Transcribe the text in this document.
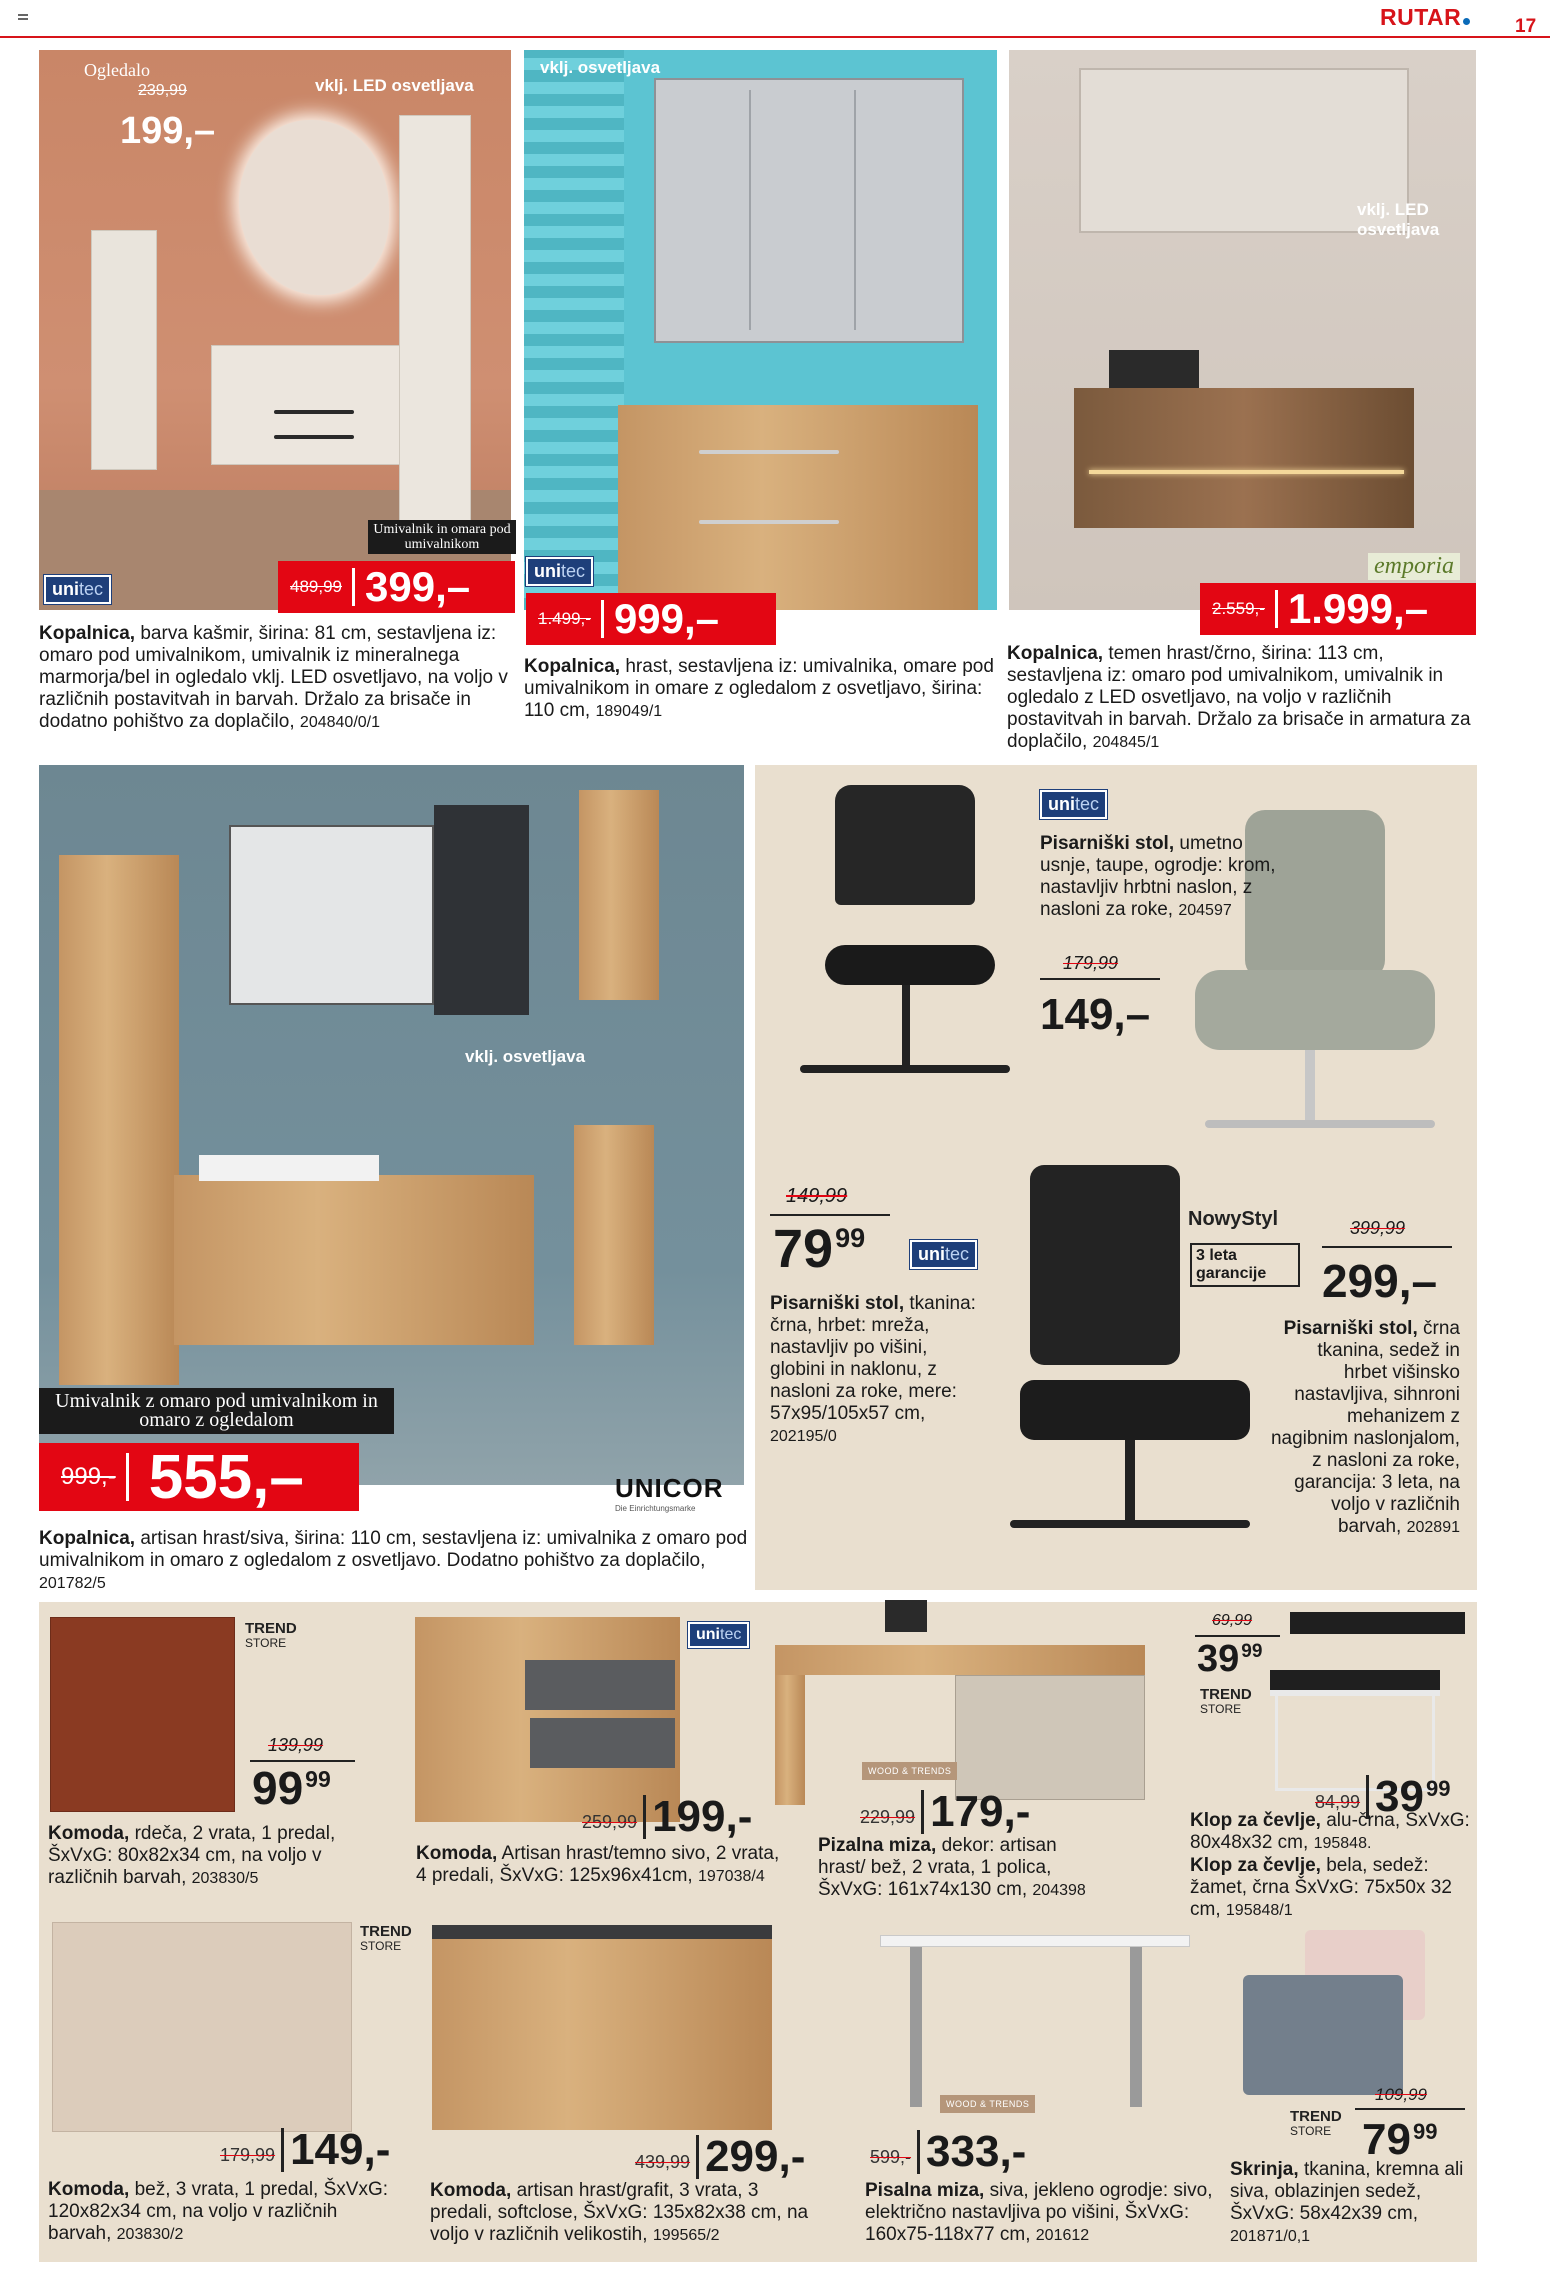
RUTAR	17
Ogledalo
239,99
199,–
vklj. LED osvetljava
Umivalnik in omara pod umivalnikom
unitec	489,99 399,–
Kopalnica, barva kašmir, širina: 81 cm, sestavljena iz: omaro pod umivalnikom, umivalnik iz mineralnega marmorja/bel in ogledalo vklj. LED osvetljavo, na voljo v različnih postavitvah in barvah. Držalo za brisače in dodatno pohištvo za doplačilo, 204840/0/1
vklj. osvetljava
unitec
1.499,- 999,–
Kopalnica, hrast, sestavljena iz: umivalnika, omare pod umivalnikom in omare z ogledalom z osvetljavo, širina: 110 cm, 189049/1
vklj. LED osvetljava
emporia
2.559,- 1.999,–
Kopalnica, temen hrast/črno, širina: 113 cm, sestavljena iz: omaro pod umivalnikom, umivalnik in ogledalo z LED osvetljavo, na voljo v različnih postavitvah in barvah. Držalo za brisače in armatura za doplačilo, 204845/1
vklj. osvetljava
Umivalnik z omaro pod umivalnikom in omaro z ogledalom
999,- 555,–	UNICOR
Die Einrichtungsmarke
Kopalnica, artisan hrast/siva, širina: 110 cm, sestavljena iz: umivalnika z omaro pod umivalnikom in omaro z ogledalom z osvetljavo. Dodatno pohištvo za doplačilo, 201782/5
unitec
Pisarniški stol, umetno usnje, taupe, ogrodje: krom, nastavljiv hrbtni naslon, z nasloni za roke, 204597
179,99
149,–
149,99
$79^{99}$
unitec
Pisarniški stol, tkanina: črna, hrbet: mreža, nastavljiv po višini, globini in naklonu, z nasloni za roke, mere: 57x95/105x57 cm, 202195/0
NowyStyl
3 leta garancije
399,99
299,–
Pisarniški stol, črna tkanina, sedež in hrbet višinsko nastavljiva, sihnroni mehanizem z nagibnim naslonjalom, z nasloni za roke, garancija: 3 leta, na voljo v različnih barvah, 202891
TREND
STORE
139,99
$99^{99}$
Komoda, rdeča, 2 vrata, 1 predal, ŠxVxG: 80x82x34 cm, na voljo v različnih barvah, 203830/5
unitec
259,99 199,-
Komoda, Artisan hrast/temno sivo, 2 vrata, 4 predali, ŠxVxG: 125x96x41cm, 197038/4
WOOD & TRENDS
229,99 179,-
Pizalna miza, dekor: artisan hrast/ bež, 2 vrata, 1 polica, ŠxVxG: 161x74x130 cm, 204398
69,99
39 $^{99}$
TREND
STORE
84,99 $39^{99}$
Klop za čevlje, alu-črna, ŠxVxG: 80x48x32 cm, 195848.
Klop za čevlje, bela, sedež: žamet, črna ŠxVxG: 75x50x 32 cm, 195848/1
TREND
STORE
179,99 149,-
Komoda, bež, 3 vrata, 1 predal, ŠxVxG: 120x82x34 cm, na voljo v različnih barvah, 203830/2
439,99 299,-
Komoda, artisan hrast/grafit, 3 vrata, 3 predali, softclose, ŠxVxG: 135x82x38 cm, na voljo v različnih velikostih, 199565/2
WOOD & TRENDS
599,- 333,-
Pisalna miza, siva, jekleno ogrodje: sivo, električno nastavljiva po višini, ŠxVxG: 160x75-118x77 cm, 201612
109,99
TREND
STORE $79^{99}$
Skrinja, tkanina, kremna ali siva, oblazinjen sedež, ŠxVxG: 58x42x39 cm, 201871/0,1
